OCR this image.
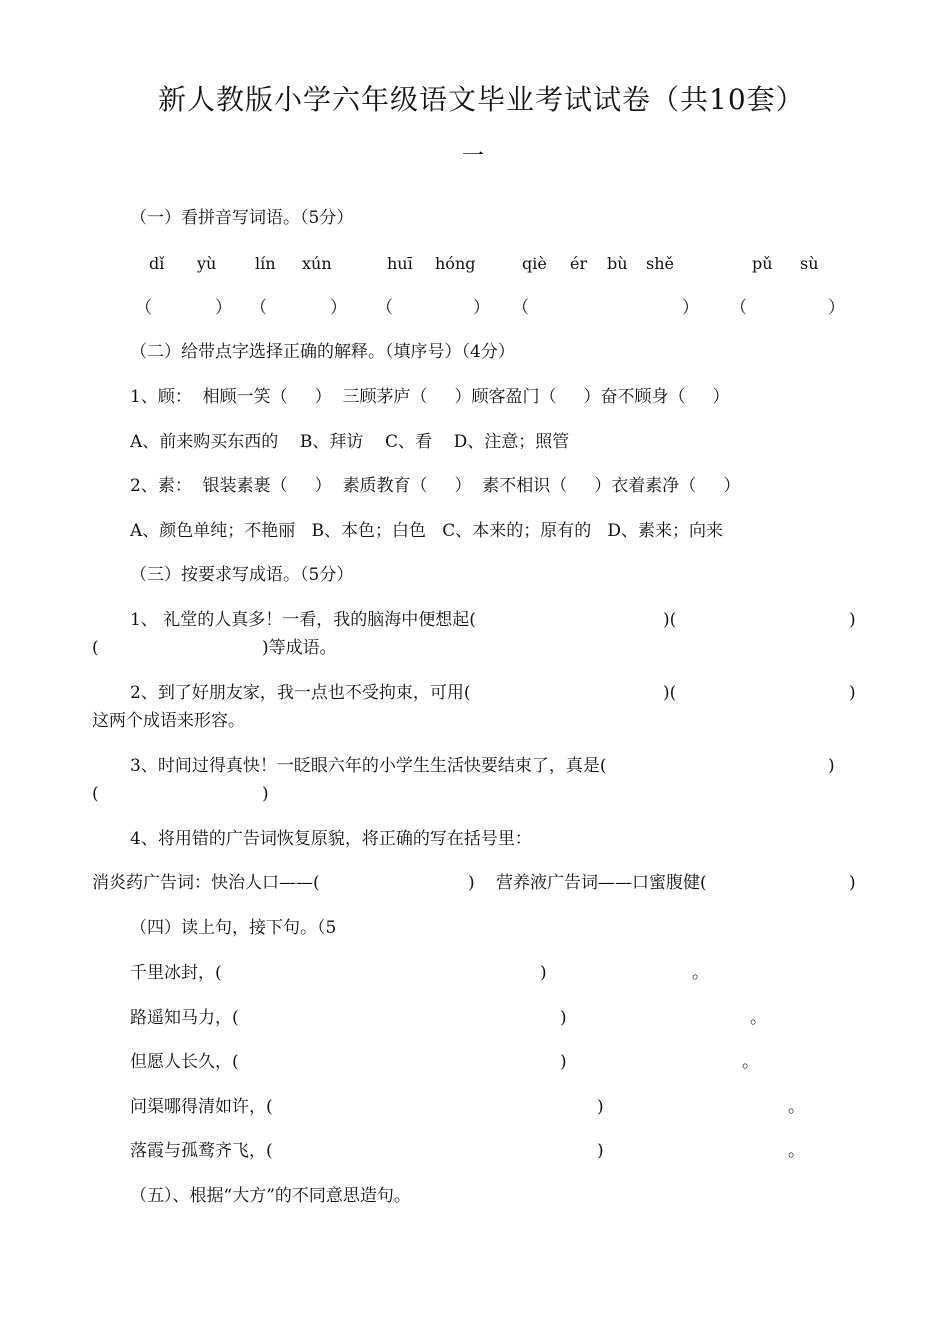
新人教版小学六年级语文毕业考试试卷（共10套）
一
（一）看拼音写词语。（5分）
dǐ yù lín xún	huī hóng	qiè ér bù shě	pǔ sù
（	） （	） （	） （	） （	）
（二）给带点字选择正确的解释。（填序号）（4分）
1、顾：  相顾一笑（     ）  三顾茅庐（     ）顾客盈门（     ）奋不顾身（     ）
A、前来购买东西的    B、拜访    C、看    D、注意；照管
2、素：  银装素裹（     ）  素质教育（     ）  素不相识（     ）衣着素净（     ）
A、颜色单纯；不艳丽   B、本色；白色   C、本来的；原有的   D、素来；向来
（三）按要求写成语。（5分）
1、 礼堂的人真多！一看，我的脑海中便想起(	)(	)
(	)等成语。
2、到了好朋友家，我一点也不受拘束，可用(	)(	)
这两个成语来形容。
3、时间过得真快！一眨眼六年的小学生生活快要结束了，真是(	)
(	)
4、将用错的广告词恢复原貌，将正确的写在括号里：
消炎药广告词：快治人口——(	) 营养液广告词——口蜜腹健(	)
（四）读上句，接下句。（5
千里冰封，(	)	。
路遥知马力，(	)	。
但愿人长久，(	)	。
问渠哪得清如许，(	)	。
落霞与孤鹜齐飞，(	)	。
（五）、根据“大方”的不同意思造句。
